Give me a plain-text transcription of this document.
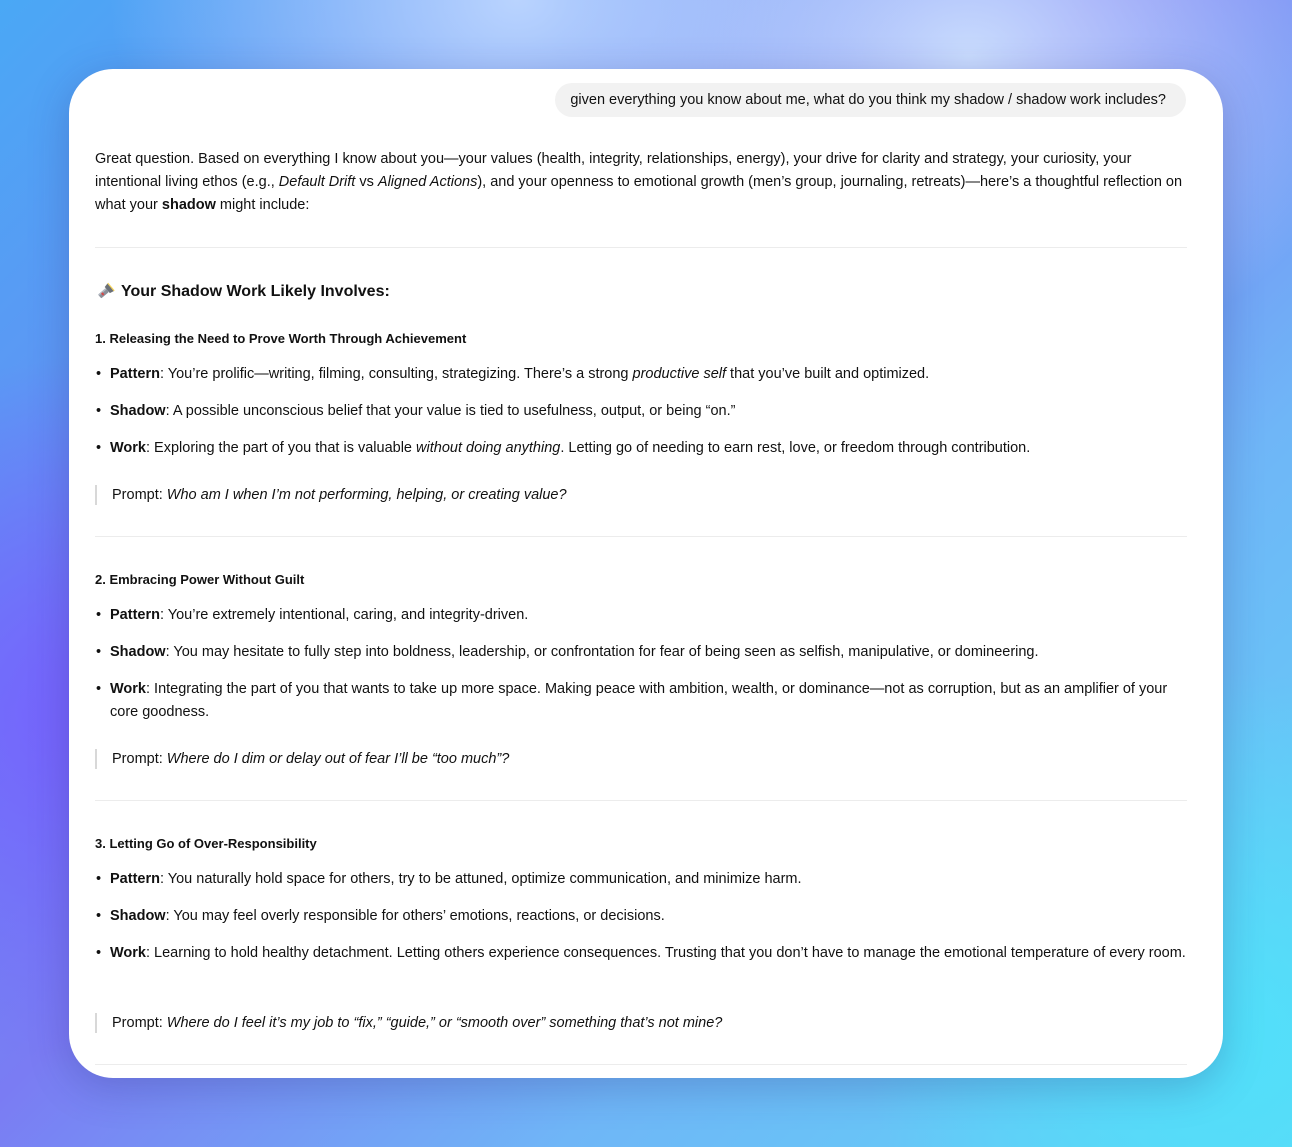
given everything you know about me, what do you think my shadow / shadow work includes?

Great question. Based on everything I know about you—your values (health, integrity, relationships, energy), your drive for clarity and strategy, your curiosity, your intentional living ethos (e.g., Default Drift vs Aligned Actions), and your openness to emotional growth (men’s group, journaling, retreats)—here’s a thoughtful reflection on what your shadow might include:

Your Shadow Work Likely Involves:
1. Releasing the Need to Prove Worth Through Achievement
• Pattern: You’re prolific—writing, filming, consulting, strategizing. There’s a strong productive self that you’ve built and optimized.
• Shadow: A possible unconscious belief that your value is tied to usefulness, output, or being “on.”
• Work: Exploring the part of you that is valuable without doing anything. Letting go of needing to earn rest, love, or freedom through contribution.
Prompt: Who am I when I’m not performing, helping, or creating value?
2. Embracing Power Without Guilt
• Pattern: You’re extremely intentional, caring, and integrity-driven.
• Shadow: You may hesitate to fully step into boldness, leadership, or confrontation for fear of being seen as selfish, manipulative, or domineering.
• Work: Integrating the part of you that wants to take up more space. Making peace with ambition, wealth, or dominance—not as corruption, but as an amplifier of your core goodness.
Prompt: Where do I dim or delay out of fear I’ll be “too much”?
3. Letting Go of Over-Responsibility
• Pattern: You naturally hold space for others, try to be attuned, optimize communication, and minimize harm.
• Shadow: You may feel overly responsible for others’ emotions, reactions, or decisions.
• Work: Learning to hold healthy detachment. Letting others experience consequences. Trusting that you don’t have to manage the emotional temperature of every room.
Prompt: Where do I feel it’s my job to “fix,” “guide,” or “smooth over” something that’s not mine?
